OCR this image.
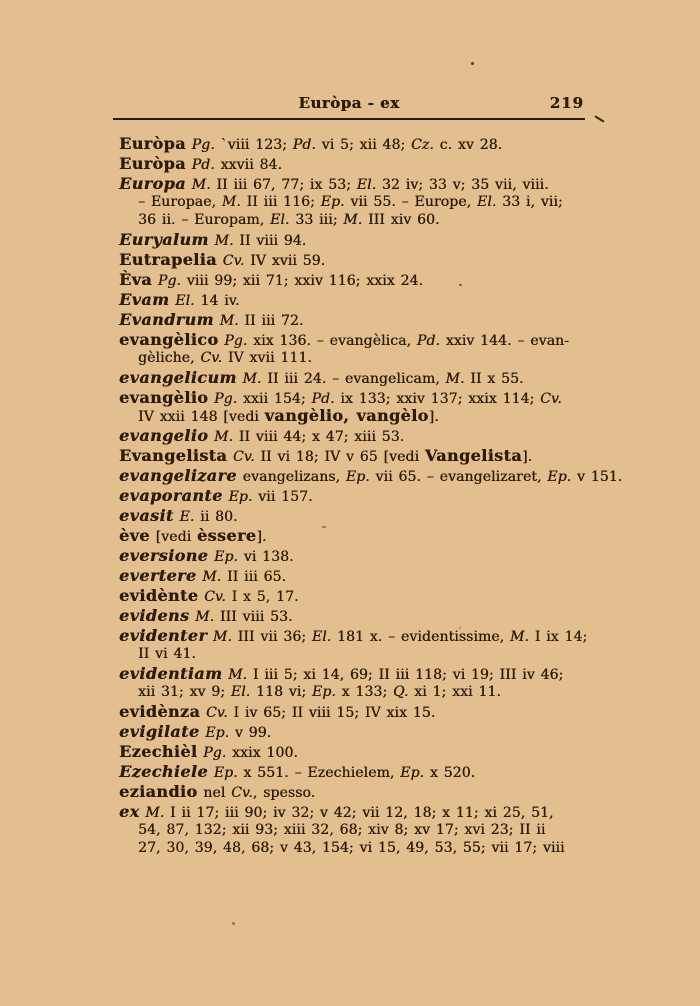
Euròpa - ex	219
Euròpa Pg. ˋviii 123; Pd. vi 5; xii 48; Cz. c. xv 28.
Euròpa Pd. xxvii 84.
Europa M. II iii 67, 77; ix 53; El. 32 iv; 33 v; 35 vii, viii.
– Europae, M. II iii 116; Ep. vii 55. – Europe, El. 33 i, vii;
36 ii. – Europam, El. 33 iii; M. III xiv 60.
Euryalum M. II viii 94.
Eutrapelia Cv. IV xvii 59.
Èva Pg. viii 99; xii 71; xxiv 116; xxix 24.
Evam El. 14 iv.
Evandrum M. II iii 72.
evangèlico Pg. xix 136. – evangèlica, Pd. xxiv 144. – evan-
gèliche, Cv. IV xvii 111.
evangelicum M. II iii 24. – evangelicam, M. II x 55.
evangèlio Pg. xxii 154; Pd. ix 133; xxiv 137; xxix 114; Cv.
IV xxii 148 [vedi vangèlio, vangèlo].
evangelio M. II viii 44; x 47; xiii 53.
Evangelista Cv. II vi 18; IV v 65 [vedi Vangelista].
evangelizare evangelizans, Ep. vii 65. – evangelizaret, Ep. v 151.
evaporante Ep. vii 157.
evasit E. ii 80.
ève [vedi èssere].
eversione Ep. vi 138.
evertere M. II iii 65.
evidènte Cv. I x 5, 17.
evidens M. III viii 53.
evidenter M. III vii 36; El. 181 x. – evidentissime, M. I ix 14;
II vi 41.
evidentiam M. I iii 5; xi 14, 69; II iii 118; vi 19; III iv 46;
xii 31; xv 9; El. 118 vi; Ep. x 133; Q. xi 1; xxi 11.
evidènza Cv. I iv 65; II viii 15; IV xix 15.
evigilate Ep. v 99.
Ezechièl Pg. xxix 100.
Ezechiele Ep. x 551. – Ezechielem, Ep. x 520.
eziandio nel Cv., spesso.
ex M. I ii 17; iii 90; iv 32; v 42; vii 12, 18; x 11; xi 25, 51,
54, 87, 132; xii 93; xiii 32, 68; xiv 8; xv 17; xvi 23; II ii
27, 30, 39, 48, 68; v 43, 154; vi 15, 49, 53, 55; vii 17; viii
